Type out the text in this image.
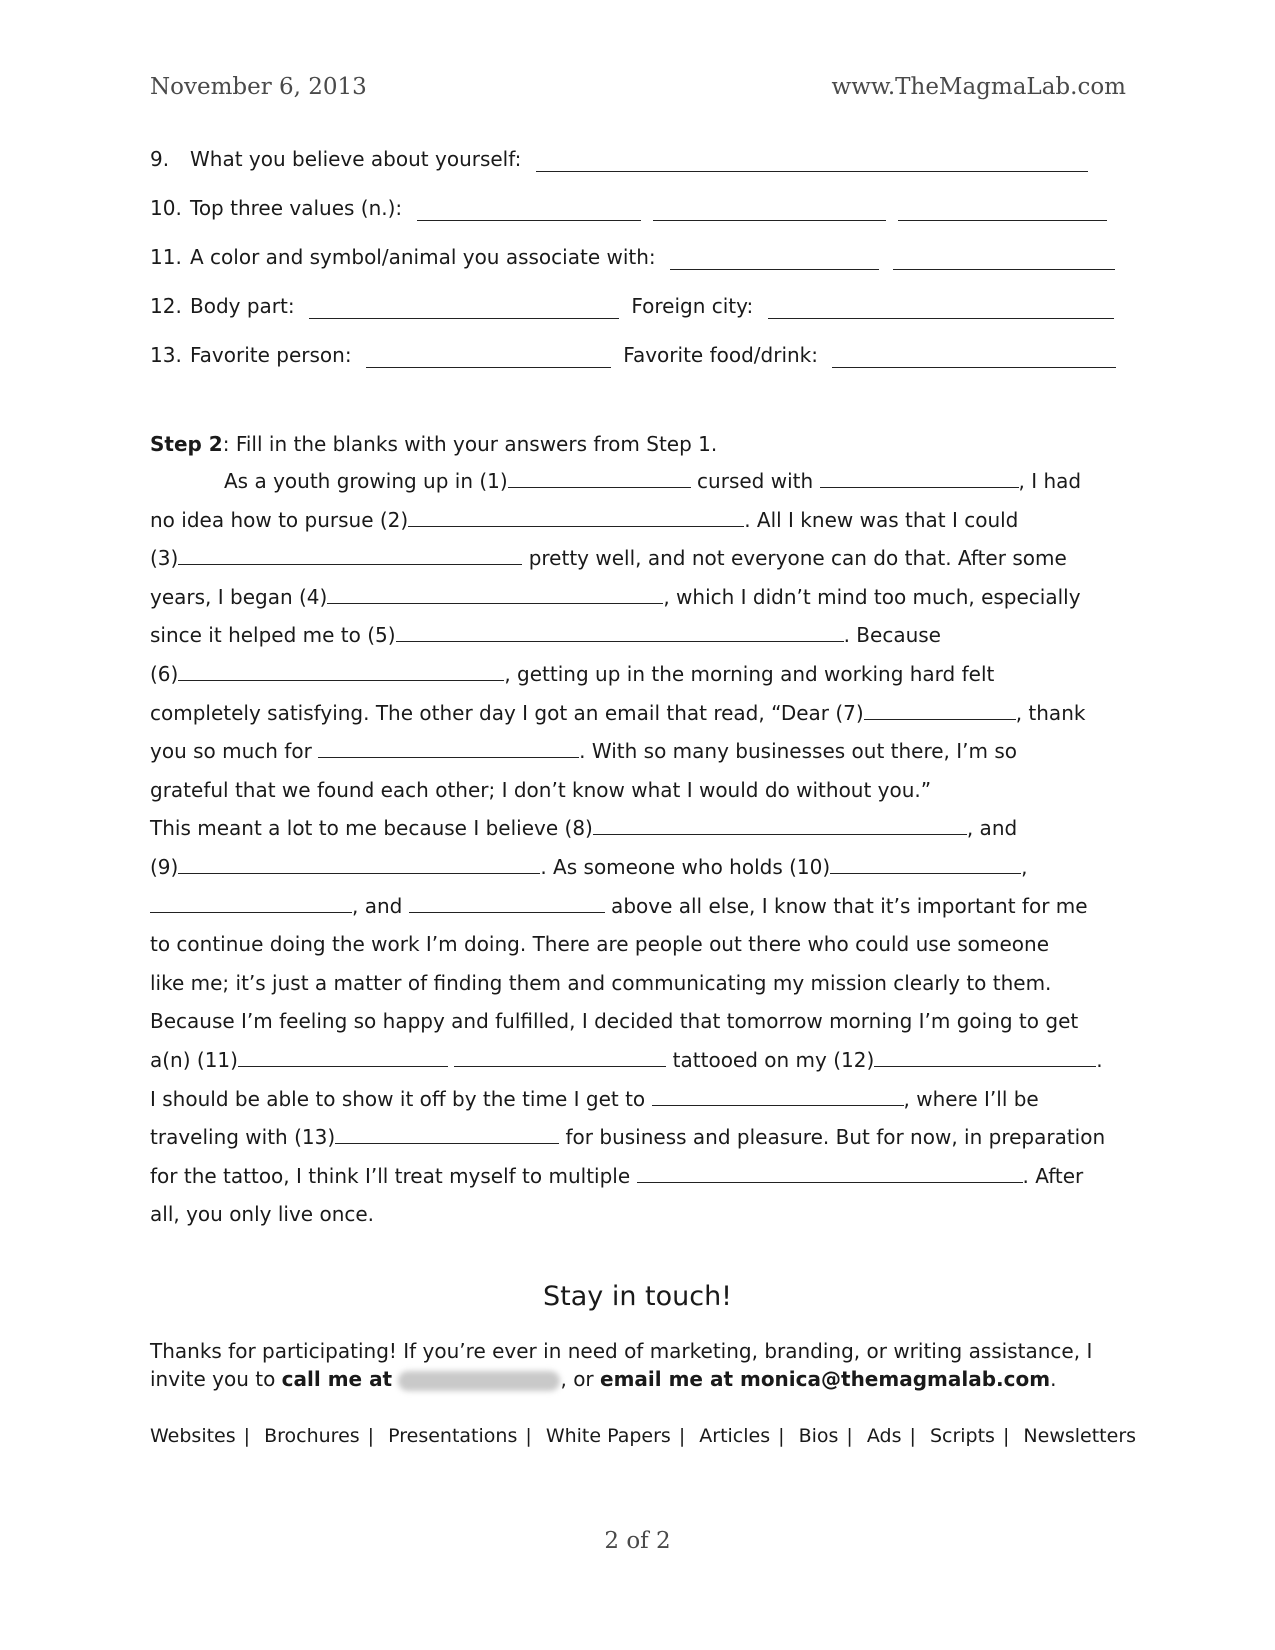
November 6, 2013	www.TheMagmaLab.com
9. What you believe about yourself:
10. Top three values (n.):
11. A color and symbol/animal you associate with:
12. Body part:	Foreign city:
13. Favorite person:	Favorite food/drink:
Step 2: Fill in the blanks with your answers from Step 1.
As a youth growing up in (1)	cursed with	, I had
no idea how to pursue (2)	. All I knew was that I could
(3)	pretty well, and not everyone can do that. After some
years, I began (4)	, which I didn’t mind too much, especially
since it helped me to (5)	. Because
(6)	, getting up in the morning and working hard felt
completely satisfying. The other day I got an email that read, “Dear (7)	, thank
you so much for	. With so many businesses out there, I’m so
grateful that we found each other; I don’t know what I would do without you.”
This meant a lot to me because I believe (8)	, and
(9)	. As someone who holds (10)	,
, and	above all else, I know that it’s important for me
to continue doing the work I’m doing. There are people out there who could use someone
like me; it’s just a matter of finding them and communicating my mission clearly to them.
Because I’m feeling so happy and fulfilled, I decided that tomorrow morning I’m going to get
a(n) (11)	tattooed on my (12)	.
I should be able to show it off by the time I get to	, where I’ll be
traveling with (13)	for business and pleasure. But for now, in preparation
for the tattoo, I think I’ll treat myself to multiple	. After
all, you only live once.
Stay in touch!
Thanks for participating! If you’re ever in need of marketing, branding, or writing assistance, I
invite you to call me at	, or email me at monica@themagmalab.com.
Websites | Brochures | Presentations | White Papers | Articles | Bios | Ads | Scripts | Newsletters
2 of 2
